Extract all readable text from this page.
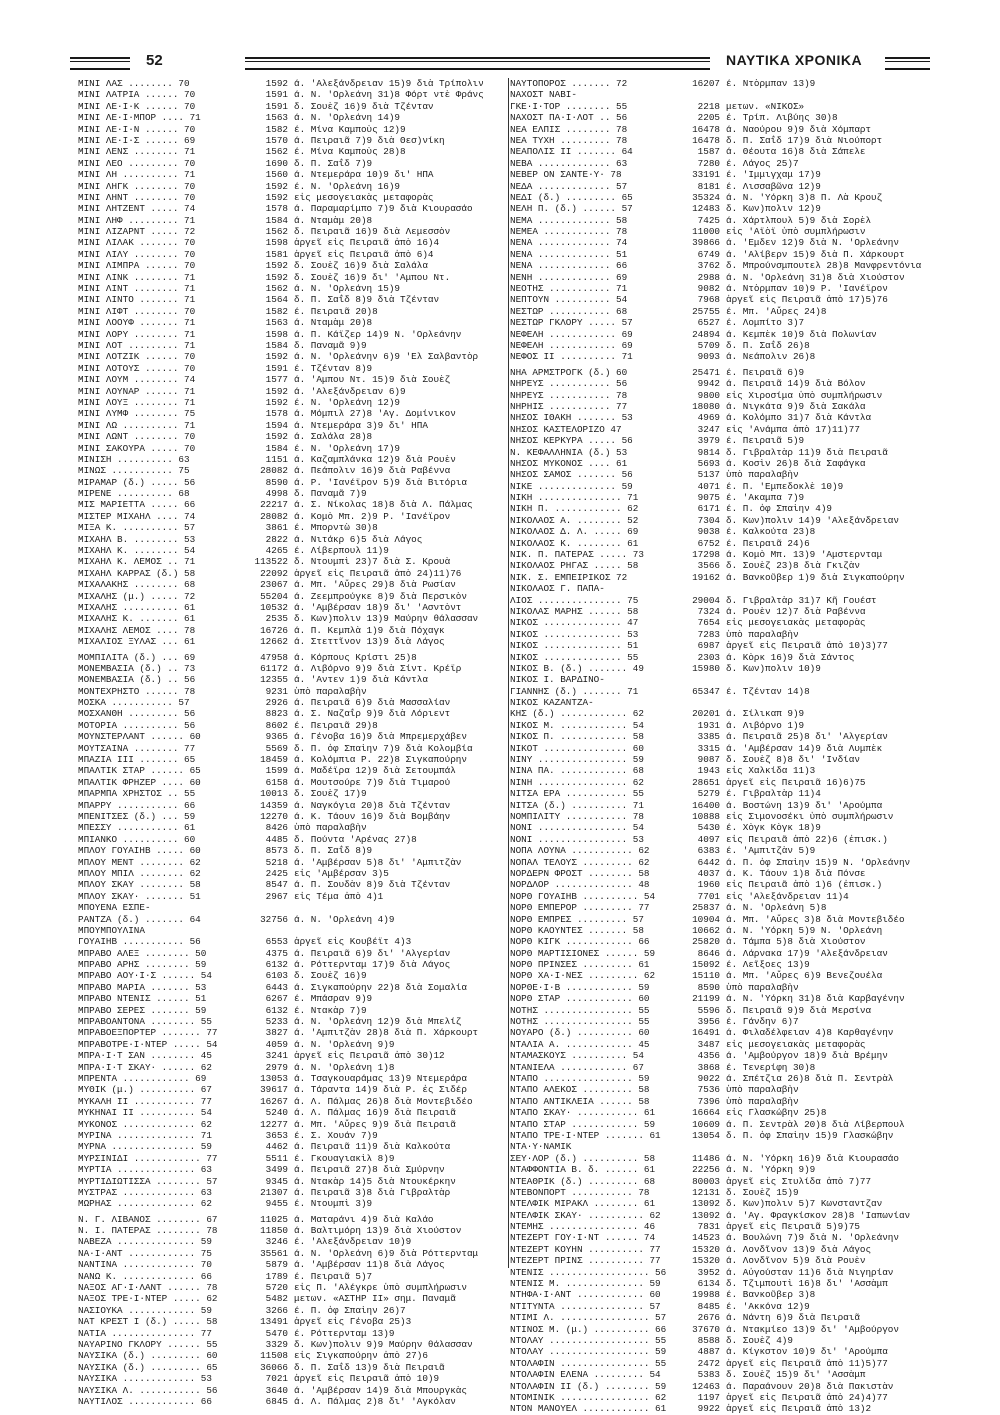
52	ΝΑΥΤΙΚΑ ΧΡΟΝΙΚΑ
ΜΙΝΙ ΛΑΣ ........ 70	1592 ά. 'Αλεξάνδρειαν 15)9 διὰ Τρίπολιν
ΜΙΝΙ ΛΑΤΡΙΑ ...... 70	1591 ά. Ν. 'Ορλεάνη 31)8 Φόρτ ντὲ Φράνς
ΜΙΝΙ ΛΕ·Ι·Κ ...... 70	1591 δ. Σουὲζ 16)9 διὰ Τζένταν
ΜΙΝΙ ΛΕ·Ι·ΜΠΟΡ .... 71	1563 ά. Ν. 'Ορλεάνη 14)9
ΜΙΝΙ ΛΕ·Ι·Ν ...... 70	1582 έ. Μίνα Καμποὺς 12)9
ΜΙΝΙ ΛΕ·Ι·Σ ...... 69	1570 ά. Πειραιᾶ 7)9 διὰ Θεσ)νίκη
ΜΙΝΙ ΛΕΝΣ ........ 71	1562 έ. Μίνα Καμποὺς 28)8
ΜΙΝΙ ΛΕΟ ......... 70	1690 δ. Π. Σαΐδ 7)9
ΜΙΝΙ ΛΗ .......... 71	1560 ά. Ντεμεράρα 10)9 δι' ΗΠΑ
ΜΙΝΙ ΛΗΓΚ ........ 70	1592 έ. Ν. 'Ορλεάνη 16)9
ΜΙΝΙ ΛΗΝΤ ........ 70	1592 εἰς μεσογειακὰς μεταφορὰς
ΜΙΝΙ ΛΗΤΖΕΝΤ ..... 74	1578 ά. Παραμαρίμπο 7)9 διὰ Κιουρασάο
ΜΙΝΙ ΛΗΦ ......... 71	1584 ά. Νταμὰμ 20)8
ΜΙΝΙ ΛΙΖΑΡΝΤ ..... 72	1562 δ. Πειραιᾶ 16)9 διὰ Λεμεσσὸν
ΜΙΝΙ ΛΙΛΑΚ ....... 70	1598 ἀργεῖ εἰς Πειραιᾶ ἀπὸ 16)4
ΜΙΝΙ ΛΙΛΥ ........ 70	1581 ἀργεῖ εἰς Πειραιᾶ ἀπὸ 6)4
ΜΙΝΙ ΛΙΜΠΡΑ ...... 70	1592 δ. Σουὲζ 16)9 διὰ Σαλάλα
ΜΙΝΙ ΛΙΝΚ ........ 71	1592 δ. Σουὲζ 16)9 δι' 'Αμπου Ντ.
ΜΙΝΙ ΛΙΝΤ ........ 71	1562 ά. Ν. 'Ορλεάνη 15)9
ΜΙΝΙ ΛΙΝΤΟ ....... 71	1564 δ. Π. Σαΐδ 8)9 διὰ Τζένταν
ΜΙΝΙ ΛΙΦΤ ........ 70	1582 έ. Πειραιᾶ 20)8
ΜΙΝΙ ΛΟΟΥΦ ....... 71	1563 ά. Νταμὰμ 20)8
ΜΙΝΙ ΛΟΡΥ ........ 71	1598 ά. Π. Κάϊζερ 14)9 Ν. 'Ορλεάνην
ΜΙΝΙ ΛΟΤ ......... 71	1584 δ. Παναμᾶ 9)9
ΜΙΝΙ ΛΟΤΖΙΚ ...... 70	1592 ά. Ν. 'Ορλεάνην 6)9 'Ελ Σαλβαντὸρ
ΜΙΝΙ ΛΟΤΟΥΣ ...... 70	1591 έ. Τζένταν 8)9
ΜΙΝΙ ΛΟΥΜ ........ 74	1577 ά. 'Αμπου Ντ. 15)9 διὰ Σουὲζ
ΜΙΝΙ ΛΟΥΝΑΡ ...... 71	1592 ά. 'Αλεξάνδρειαν 6)9
ΜΙΝΙ ΛΟΥΞ ........ 71	1592 έ. Ν. 'Ορλεάνη 12)9
ΜΙΝΙ ΛΥΜΦ ........ 75	1578 ά. Μόμπιλ 27)8 'Αγ. Δομίνικον
ΜΙΝΙ ΛΩ .......... 71	1594 ά. Ντεμεράρα 3)9 δι' ΗΠΑ
ΜΙΝΙ ΛΩΝΤ ........ 70	1592 ά. Σαλάλα 28)8
ΜΙΝΙ ΣΑΚΟΥΡΑ ..... 70	1584 έ. Ν. 'Ορλεάνη 17)9
ΜΙΝΙΣΗ .......... 63	1151 ά. Καζαμπλάνκα 12)9 διὰ Ρουὲν
ΜΙΝΩΣ ........... 75	28082 ά. Πεάπολιν 16)9 διὰ Ραβέννα
ΜΙΡΑΜΑΡ (δ.) ..... 56	8590 ά. Ρ. 'Ιανέϊρον 5)9 διὰ Βιτόρια
ΜΙΡΕΝΕ .......... 68	4998 δ. Παναμᾶ 7)9
ΜΙΣ ΜΑΡΙΕΤΤΑ ..... 66	22217 ά. Σ. Νίκολας 18)8 διὰ Λ. Πάλμας
ΜΙΣΤΕΡ ΜΙΧΑΗΛ .... 74	28082 ά. Κομὸ Μπ. 2)9 Ρ. 'Ιανέϊρον
ΜΙΞΑ Κ. .......... 57	3861 έ. Μπορντὼ 30)8
ΜΙΧΑΗΛ Β. ........ 53	2822 ά. Νιτάκρ 6)5 διὰ Λάγος
ΜΙΧΑΗΛ Κ. ........ 54	4265 έ. Λίβερπουλ 11)9
ΜΙΧΑΗΛ Κ. ΛΕΜΟΣ .. 71	113522 δ. Ντουμπὶ 23)7 διὰ Σ. Κρουὰ
ΜΙΧΑΗΛ ΚΑΡΡΑΣ (δ.) 58	22092 ἀργεῖ εἰς Πειραιᾶ ἀπὸ 24)11)76
ΜΙΧΑΛΑΚΗΣ ........ 68	23067 ά. Μπ. 'Αὔρες 29)8 διὰ Ρωσίαν
ΜΙΧΑΛΗΣ (μ.) ..... 72	55204 ά. Ζεεμπρούγκε 8)9 διὰ Περσικὸν
ΜΙΧΑΛΗΣ .......... 61	10532 ά. 'Αμβέρσαν 18)9 δι' 'Ασντὸντ
ΜΙΧΑΛΗΣ Κ. ....... 61	2535 δ. Κων)πολιν 13)9 Μαύρην θάλασσαν
ΜΙΧΑΛΗΣ ΛΕΜΟΣ .... 78	16726 ά. Π. Κεμπλὰ 1)9 διὰ Πόχαγκ
ΜΙΧΑΛΙΟΣ ΞΥΛΑΣ ... 61	12662 ά. Στεττῖνον 13)9 διὰ Λάγος
ΜΟΜΠΙΛΙΤΑ (δ.) ... 69	47958 ά. Κόρπους Κρίστι 25)8
ΜΟΝΕΜΒΑΣΙΑ (δ.) .. 73	61172 ά. Λιβόρνο 9)9 διὰ Σίντ. Κρέϊρ
ΜΟΝΕΜΒΑΣΙΑ (δ.) .. 56	12355 ά. 'Αντεν 1)9 διὰ Κάντλα
ΜΟΝΤΕΧΡΗΣΤΟ ...... 78	9231 ὑπὸ παραλαβὴν
ΜΟΣΚΑ ........... 57	2926 ά. Πειραιᾶ 6)9 διὰ Μασσαλίαν
ΜΟΣΧΑΝΘΗ ......... 56	8823 ά. Σ. Ναζαΐρ 9)9 διὰ Λόριεντ
ΜΟΤΟΡΙΑ .......... 56	8602 έ. Πειραιᾶ 29)8
ΜΟΥΝΣΤΕΡΛΑΝΤ ...... 60	9365 ά. Γένοβα 16)9 διὰ Μπρεμερχάβεν
ΜΟΥΤΣΑΙΝΑ ........ 77	5569 δ. Π. ὀφ Σπαὶην 7)9 διὰ Κολομβία
ΜΠΑΖΙΑ ΙΙΙ ....... 65	18459 ά. Κολόμπια Ρ. 22)8 Σιγκαπούρην
ΜΠΑΛΤΙΚ ΣΤΑΡ ...... 65	1599 ά. Μαδέϊρα 12)9 διὰ Σετουμπάλ
ΜΠΑΛΤΙΚ ΦΡΗΖΕΡ .... 60	6158 ά. Μουτσούρε 7)9 διὰ Τιμαρού
ΜΠΑΡΜΠΑ ΧΡΗΣΤΟΣ .. 55	10013 δ. Σουὲζ 17)9
ΜΠΑΡΡΥ ........... 66	14359 ά. Ναγκόγια 20)8 διὰ Τζένταν
ΜΠΕΝΙΤΣΕΣ (δ.) ... 59	12270 ά. Κ. Τάουν 16)9 διὰ Βομβάην
ΜΠΕΣΣΥ ........... 61	8426 ὑπὸ παραλαβὴν
ΜΠΙΑΝΚΟ .......... 60	4485 δ. Πούντα 'Αρένας 27)8
ΜΠΛΟΥ ΓΟΥΑΙΗΒ ..... 60	8573 δ. Π. Σαΐδ 8)9
ΜΠΛΟΥ ΜΕΝΤ ........ 62	5218 ά. 'Αμβέρσαν 5)8 δι' 'Αμπιτζὰν
ΜΠΛΟΥ ΜΠΙΛ ........ 62	2425 εἰς 'Αμβέρσαν 3)5
ΜΠΛΟΥ ΣΚΑΥ ........ 58	8547 ά. Π. Σουδὰν 8)9 διὰ Τζένταν
ΜΠΛΟΥ ΣΚΑΥ· ....... 51	2967 εἰς Τέμα ἀπὸ 4)1
ΜΠΟΥΕΝΑ ΕΣΠΕ-
ΡΑΝΤΖΑ (δ.) ....... 64	32756 ά. Ν. 'Ορλεάνη 4)9
ΜΠΟΥΜΠΟΥΛΙΝΑ
ΓΟΥΑΙΗΒ ........... 56	6553 ἀργεῖ εἰς Κουβέϊτ 4)3
ΜΠΡΑΒΟ ΑΛΕΞ ........ 50	4375 ά. Πειραιᾶ 6)9 δι' 'Αλγερίαν
ΜΠΡΑΒΟ ΑΡΗΣ ........ 59	6132 ά. Ρόττερνταμ 17)9 διὰ Λάγος
ΜΠΡΑΒΟ ΑΟΥ·Ι·Σ ...... 54	6103 δ. Σουὲζ 16)9
ΜΠΡΑΒΟ ΜΑΡΙΑ ....... 53	6443 ά. Σιγκαπούρην 22)8 διὰ Σομαλία
ΜΠΡΑΒΟ ΝΤΕΝΙΣ ...... 51	6267 έ. Μπάσραν 9)9
ΜΠΡΑΒΟ ΣΕΡΕΣ ....... 59	6132 έ. Ντακὰρ 7)9
ΜΠΡΑΒΟΑΝΤΟΝΑ ........ 55	5233 ά. Ν. 'Ορλεάνη 12)9 διὰ Μπελίζ
ΜΠΡΑΒΟΕΞΠΟΡΤΕΡ ....... 77	3827 ά. 'Αμπιτζὰν 28)8 διὰ Π. Χάρκουρτ
ΜΠΡΑΒΟΤΡΕ·Ι·ΝΤΕΡ ..... 54	4059 ά. Ν. 'Ορλεάνη 9)9
ΜΠΡΑ·Ι·Τ ΣΑΝ ........ 45	3241 ἀργεῖ εἰς Πειραιᾶ ἀπὸ 30)12
ΜΠΡΑ·Ι·Τ ΣΚΑΥ· ...... 62	2979 ά. Ν. 'Ορλεάνη 1)8
ΜΠΡΕΝΤΑ ............ 69	13053 ά. Τσαγκουαράμας 13)9 Ντεμεράρα
ΜΥΘΙΚ (μ.) .......... 67	39617 ά. Τάραντα 14)9 διὰ Ρ. ἐς Σιδέρ
ΜΥΚΑΛΗ ΙΙ ........... 77	16267 ά. Λ. Πάλμας 26)8 διὰ Μοντεβιδέο
ΜΥΚΗΝΑΙ ΙΙ .......... 54	5240 ά. Λ. Πάλμας 16)9 διὰ Πειραιᾶ
ΜΥΚΟΝΟΣ ............. 62	12277 ά. Μπ. 'Αὔρες 9)9 διὰ Πειραιᾶ
ΜΥΡΙΝΑ .............. 71	3653 έ. Σ. Χουάν 7)9
ΜΥΡΝΑ ............... 59	4462 ά. Πειραιᾶ 11)9 διὰ Καλκούτα
ΜΥΡΣΙΝΙΔΙ ............ 77	5511 έ. Γκουαγιακὶλ 8)9
ΜΥΡΤΙΑ .............. 63	3499 ά. Πειραιᾶ 27)8 διὰ Σμύρνην
ΜΥΡΤΙΔΙΩΤΙΣΣΑ ........ 57	9345 ά. Ντακὰρ 14)5 διὰ Ντουκέρκην
ΜΥΣΤΡΑΣ ............. 63	21307 ά. Πειραιᾶ 3)8 διὰ Γιβραλτὰρ
ΜΩΡΗΑΣ .............. 62	9455 έ. Ντουμπὶ 3)9
Ν. Γ. ΛΙΒΑΝΟΣ ........ 67	11025 ά. Ματαράνι 4)9 διὰ Καλάο
Ν. Ι. ΠΑΤΕΡΑΣ ........ 78	11850 ά. Βαλτιμόρη 13)9 διὰ Χιούστον
ΝΑΒΕΖΑ .............. 59	3246 έ. 'Αλεξάνδρειαν 10)9
ΝΑ·Ι·ΑΝΤ ............ 75	35561 ά. Ν. 'Ορλεάνη 6)9 διὰ Ρόττερνταμ
ΝΑΝΤΙΝΑ ............. 70	5879 ά. 'Αμβέρσαν 11)8 διὰ Λάγος
ΝΑΝΩ Κ. ............. 66	1789 έ. Πειραιᾶ 5)7
ΝΑΞΟΣ ΑΓ·Ι·ΛΑΝΤ ...... 78	5720 εἰς Π. 'Αλέγκρε ὑπὸ συμπλήρωσιν
ΝΑΞΟΣ ΤΡΕ·Ι·ΝΤΕΡ ..... 62	5482 μετων. «ΑΣΤΗΡ ΙΙ» σημ. Παναμᾶ
ΝΑΣΙΟΥΚΑ ............ 59	3266 έ. Π. ὀφ Σπαὶην 26)7
ΝΑΤ ΚΡΕΣΤ Ι (δ.) ..... 58	13491 ἀργεῖ εἰς Γένοβα 25)3
ΝΑΤΙΑ ............... 77	5470 έ. Ρόττερνταμ 13)9
ΝΑΥΑΡΙΝΟ ΓΚΛΟΡΥ ...... 55	3329 δ. Κων)πολιν 9)9 Μαύρην θάλασσαν
ΝΑΥΣΙΚΑ (δ.) ......... 60	11508 εἰς Σιγκαπούρην ἀπὸ 27)6
ΝΑΥΣΙΚΑ (δ.) ......... 65	36066 δ. Π. Σαΐδ 13)9 διὰ Πειραιᾶ
ΝΑΥΣΙΚΑ ............. 53	7021 ἀργεῖ εἰς Πειραιᾶ ἀπὸ 10)9
ΝΑΥΣΙΚΑ Λ. ........... 56	3640 ά. 'Αμβέρσαν 14)9 διὰ Μπουργκὰς
ΝΑΥΤΙΛΟΣ ............ 66	6845 ά. Λ. Πάλμας 2)8 δι' 'Αγκόλαν
ΝΑΥΤΟΠΟΡΟΣ ....... 72	16207 έ. Ντὸρμπαν 13)9
ΝΑΧΟΣΤ ΝΑΒΙ-
ΓΚΕ·Ι·ΤΟΡ ........ 55	2218 μετων. «ΝΙΚΟΣ»
ΝΑΧΟΣΤ ΠΑ·Ι·ΛΟΤ .. 56	2205 έ. Τρίπ. Λιβύης 30)8
ΝΕΑ ΕΛΠΙΣ ........ 78	16478 ά. Ναούρου 9)9 διὰ Χόμπαρτ
ΝΕΑ ΤΥΧΗ ......... 78	16478 δ. Π. Σαΐδ 17)9 διὰ Νιούπορτ
ΝΕΑΠΟΛΙΣ ΙΙ ....... 64	1587 ά. Θέουτα 16)8 διὰ Σάπελε
ΝΕΒΑ ............. 63	7280 έ. Λάγος 25)7
ΝΕΒΕΡ ΟΝ ΣΑΝΤΕ·Υ· 78	33191 έ. 'Ιμμιγχαμ 17)9
ΝΕΔΑ ............. 57	8181 έ. Λισσαβῶνα 12)9
ΝΕΔΙ (δ.) ......... 65	35324 ά. Ν. 'Υόρκη 3)8 Π. Λὰ Κρουζ
ΝΕΛΗ Π. (δ.) ...... 57	12483 δ. Κων)πολιν 12)9
ΝΕΜΑ ............. 58	7425 ά. Χάρτλπουλ 5)9 διὰ Σορὲλ
ΝΕΜΕΑ ............ 78	11000 εἰς 'Αϊὸϊ ὑπὸ συμπλήρωσιν
ΝΕΝΑ ............. 74	39866 ά. 'Εμδεν 12)9 διὰ Ν. 'Ορλεάνην
ΝΕΝΑ ............. 51	6749 ά. 'Αλίβερν 15)9 διὰ Π. Χάρκουρτ
ΝΕΝΑ ............. 66	3762 δ. Μπρούνσμπουτελ 28)8 Μανφρεντόνια
ΝΕΝΗ ............. 69	2988 ά. Ν. 'Ορλεάνη 31)8 διὰ Χιούστον
ΝΕΟΤΗΣ ........... 71	9082 ά. Ντὸρμπαν 10)9 Ρ. 'Ιανέϊρον
ΝΕΠΤΟΥΝ .......... 54	7968 ἀργεῖ εἰς Πειραιᾶ ἀπὸ 17)5)76
ΝΕΣΤΩΡ ........... 68	25755 έ. Μπ. 'Αὔρες 24)8
ΝΕΣΤΩΡ ΓΚΛΟΡΥ ..... 57	6527 έ. Λομπίτο 3)7
ΝΕΦΕΛΗ ............ 69	24894 ά. Κεμπὲκ 10)9 διὰ Πολωνίαν
ΝΕΦΕΛΗ ............ 69	5709 δ. Π. Σαΐδ 26)8
ΝΕΦΟΣ ΙΙ .......... 71	9093 ά. Νεάπολιν 26)8
ΝΗΑ ΑΡΜΣΤΡΟΓΚ (δ.) 60	25471 έ. Πειραιᾶ 6)9
ΝΗΡΕΥΣ ........... 56	9942 ά. Πειραιᾶ 14)9 διὰ Βόλον
ΝΗΡΕΥΣ ........... 78	9800 εἰς Χιροσίμα ὑπὸ συμπλήρωσιν
ΝΗΡΗΙΣ ........... 77	18080 ά. Νιγκάτα 9)9 διὰ Σακάλα
ΝΗΣΟΣ ΙΘΑΚΗ ....... 53	4969 ά. Κολόμπο 31)7 διὰ Κάντλα
ΝΗΣΟΣ ΚΑΣΤΕΛΟΡΙΖΟ 47	3247 εἰς 'Ανάμπα ἀπὸ 17)11)77
ΝΗΣΟΣ ΚΕΡΚΥΡΑ ..... 56	3979 έ. Πειραιᾶ 5)9
Ν. ΚΕΦΑΛΛΗΝΙΑ (δ.) 53	9814 δ. Γιβραλτὰρ 11)9 διὰ Πειραιᾶ
ΝΗΣΟΣ ΜΥΚΟΝΟΣ .... 61	5693 ά. Κοσὶν 26)8 διὰ Σαφάγκα
ΝΗΣΟΣ ΣΑΜΟΣ ....... 56	5137 ὑπὸ παραλαβὴν
ΝΙΚΕ .............. 59	4071 έ. Π. 'Εμπεδοκλὲ 10)9
ΝΙΚΗ ............... 71	9075 έ. 'Ακαμπα 7)9
ΝΙΚΗ Π. ............ 62	6171 έ. Π. ὀφ Σπαὶην 4)9
ΝΙΚΟΛΑΟΣ Α. ........ 52	7304 δ. Κων)πολιν 14)9 'Αλεξάνδρειαν
ΝΙΚΟΛΑΟΣ Δ. Λ. ..... 69	9038 έ. Καλκούτα 23)8
ΝΙΚΟΛΑΟΣ Κ. ........ 61	6752 έ. Πειραιᾶ 24)6
ΝΙΚ. Π. ΠΑΤΕΡΑΣ ..... 73	17298 ά. Κομὸ Μπ. 13)9 'Αμστερνταμ
ΝΙΚΟΛΑΟΣ ΡΗΓΑΣ ..... 58	3566 δ. Σουὲζ 23)8 διὰ Γκιζὰν
ΝΙΚ. Σ. ΕΜΠΕΙΡΙΚΟΣ 72	19162 ά. Βανκοῦβερ 1)9 διὰ Σιγκαπούρην
ΝΙΚΟΛΑΟΣ Γ. ΠΑΠΑ-
ΛΙΟΣ ............... 75	29004 δ. Γιβραλτὰρ 31)7 Κῆ Γουέστ
ΝΙΚΟΛΑΣ ΜΑΡΗΣ ...... 58	7324 ά. Ρουὲν 12)7 διὰ Ραβέννα
ΝΙΚΟΣ .............. 47	7654 εἰς μεσογειακὰς μεταφορὰς
ΝΙΚΟΣ .............. 53	7283 ὑπὸ παραλαβὴν
ΝΙΚΟΣ .............. 51	6987 ἀργεῖ εἰς Πειραιᾶ ἀπὸ 10)3)77
ΝΙΚΟΣ .............. 55	2303 ά. Κὸρκ 16)9 διὰ Σάντος
ΝΙΚΟΣ Β. (δ.) ....... 49	15980 δ. Κων)πολιν 10)9
ΝΙΚΟΣ Ι. ΒΑΡΔΙΝΟ-
ΓΙΑΝΝΗΣ (δ.) ....... 71	65347 έ. Τζένταν 14)8
ΝΙΚΟΣ ΚΑΖΑΝΤΖΑ-
ΚΗΣ (δ.) ............ 62	20201 ά. Σίλικαπ 9)9
ΝΙΚΟΣ Μ. ............ 54	1931 ά. Λιβόρνο 1)9
ΝΙΚΟΣ Π. ............ 58	3385 ά. Πειραιᾶ 25)8 δι' 'Αλγερίαν
ΝΙΚΟΤ ............... 60	3315 ά. 'Αμβέρσαν 14)9 διὰ Λυμπὲκ
ΝΙΝΥ ................ 59	9087 δ. Σουὲζ 8)8 δι' 'Ινδίαν
ΝΙΝΑ ΠΑ. ............ 68	1943 εἰς Χαλκίδα 11)3
ΝΙΝΗ ................ 62	28651 ἀργεῖ εἰς Πειραιᾶ 16)6)75
ΝΙΤΣΑ ΕΡΑ ........... 55	5279 έ. Γιβραλτὰρ 11)4
ΝΙΤΣΑ (δ.) .......... 71	16400 ά. Βοστώνη 13)9 δι' 'Αρούμπα
ΝΟΜΠΙΛΙΤΥ ........... 78	10888 εἰς Σιμονοσέκι ὑπὸ συμπλήρωσιν
ΝΟΝΙ ................ 54	5430 έ. Χὸγκ Κὸγκ 18)9
ΝΟΝΙ ................ 53	4097 εἰς Πειραιᾶ ἀπὸ 22)6 (ἐπισκ.)
ΝΟΠΑ ΛΟΥΝΑ ........... 62	6383 έ. 'Αμπιτζὰν 5)9
ΝΟΠΑΛ ΤΕΛΟΥΣ ......... 62	6442 ά. Π. ὀφ Σπαὶην 15)9 Ν. 'Ορλεάνην
ΝΟΡΔΕΡΝ ΦΡΟΣΤ ........ 58	4037 ά. Κ. Τάουν 1)8 διὰ Πόνσε
ΝΟΡΔΛΟΡ .............. 48	1960 εἰς Πειραιᾶ ἀπὸ 1)6 (ἐπισκ.)
ΝΟΡΘ ΓΟΥΑΙΗΒ .......... 54	7701 εἰς 'Αλεξάνδρειαν 11)4
ΝΟΡΘ ΕΜΠΕΡΟΡ ......... 77	25837 ά. Ν. 'Ορλεάνη 5)8
ΝΟΡΘ ΕΜΠΡΕΣ ......... 57	10904 ά. Μπ. 'Αὔρες 3)8 διὰ Μοντεβιδέο
ΝΟΡΘ ΚΑΟΥΝΤΕΣ ....... 58	10662 ά. Ν. 'Υόρκη 5)9 Ν. 'Ορλεάνη
ΝΟΡΘ ΚΙΓΚ ............ 66	25820 ά. Τάμπα 5)8 διὰ Χιούστον
ΝΟΡΘ ΜΑΡΤΙΣΙΟΝΕΣ ...... 59	8646 ά. Λάρνακα 17)9 'Αλεξάνδρειαν
ΝΟΡΘ ΠΡΙΝΣΕΣ ......... 61	15092 έ. Λεῖξοες 13)9
ΝΟΡΘ ΧΑ·Ι·ΝΕΣ ......... 62	15110 ά. Μπ. 'Αὔρες 6)9 Βενεζουέλα
ΝΟΡΘΕ·Ι·Β ............ 59	8590 ὑπὸ παραλαβὴν
ΝΟΡΘ ΣΤΑΡ ............ 60	21199 ά. Ν. 'Υόρκη 31)8 διὰ Καρβαγένην
ΝΟΤΗΣ ................ 55	5596 δ. Πειραιᾶ 9)9 διὰ Μερσίνα
ΝΟΤΗΣ ................ 55	3956 έ. Γάνδην 6)7
ΝΟΥΑΡΟ (δ.) .......... 60	16491 ά. Φιλαδέλφειαν 4)8 Καρθαγένην
ΝΤΑΛΙΑ Α. ............ 45	3487 εἰς μεσογειακὰς μεταφορὰς
ΝΤΑΜΑΣΚΟΥΣ .......... 54	4356 ά. 'Αμβούργον 18)9 διὰ Βρέμην
ΝΤΑΝΙΕΛΑ ............ 67	3868 έ. Τενερίφη 30)8
ΝΤΑΠΟ ................ 59	9022 ά. Σπέτζια 26)8 διὰ Π. Σεντρὰλ
ΝΤΑΠΟ ΑΛΕΚΟΣ ......... 58	7536 ὑπὸ παραλαβὴν
ΝΤΑΠΟ ΑΝΤΙΚΛΕΙΑ ...... 58	7396 ὑπὸ παραλαβὴν
ΝΤΑΠΟ ΣΚΑΥ· ........... 61	16664 εἰς Γλασκώβην 25)8
ΝΤΑΠΟ ΣΤΑΡ ............ 59	10609 ά. Π. Σεντρὰλ 20)8 διὰ Λίβερπουλ
ΝΤΑΠΟ ΤΡΕ·Ι·ΝΤΕΡ ....... 61	13054 δ. Π. ὀφ Σπαὶην 15)9 Γλασκώβην
ΝΤΑ·Υ·ΝΑΜΙΚ
ΣΕΥ·ΛΟΡ (δ.) .......... 58	11486 ά. Ν. 'Υόρκη 16)9 διὰ Κιουρασάο
ΝΤΑΦΦΟΝΤΙΑ Β. δ. ...... 61	22256 ά. Ν. 'Υόρκη 9)9
ΝΤΕΑΘΡΙΚ (δ.) ......... 68	80003 ἀργεῖ εἰς Στυλίδα ἀπὸ 7)77
ΝΤΕΒΟΝΠΟΡΤ ........... 78	12131 δ. Σουὲζ 15)9
ΝΤΕΛΦΙΚ ΜΙΡΑΚΛ ........ 61	13092 δ. Κων)πολιν 5)7 Κωνσταντζαν
ΝΤΕΛΦΙΚ ΣΚΑΥ· .......... 62	13092 ά. 'Αγ. Φραγκίσκον 28)8 'Ιαπωνίαν
ΝΤΕΜΗΣ ................ 46	7831 ἀργεῖ εἰς Πειραιᾶ 5)9)75
ΝΤΕΖΕΡΤ ΓΟΥ·Ι·ΝΤ ...... 74	14523 ά. Βουλώνη 7)9 διὰ Ν. 'Ορλεάνην
ΝΤΕΖΕΡΤ ΚΟΥΗΝ .......... 77	15320 ά. Λονδῖνον 13)9 διὰ Λάγος
ΝΤΕΖΕΡΤ ΠΡΙΝΣ .......... 77	15320 ά. Λονδῖνον 5)9 διὰ Ρουὲν
ΝΤΕΝΙΣ .................. 56	3952 ά. Αὐγούσταν 11)6 διὰ Νιγηρίαν
ΝΤΕΝΙΣ Μ. .............. 59	6134 δ. Τζιμπουτὶ 16)8 δι' 'Ασσὰμπ
ΝΤΗΦΑ·Ι·ΑΝΤ ............ 60	19988 έ. Βανκοῦβερ 3)8
ΝΤΙΤΥΝΤΑ ............... 57	8485 έ. 'Ακκόνα 12)9
ΝΤΙΜΙ Λ. ................ 57	2676 ά. Νάντη 6)9 διὰ Πειραιᾶ
ΝΤΙΝΟΣ Μ. (μ.) .......... 66	37670 ά. Ντακμίεο 13)9 δι' 'Αμβούργον
ΝΤΟΛΑΥ .................. 55	8588 δ. Σουὲζ 4)9
ΝΤΟΛΑΥ .................. 59	4887 ά. Κίγκστον 10)9 δι' 'Αρούμπα
ΝΤΟΛΑΦΙΝ ................ 55	2472 ἀργεῖ εἰς Πειραιᾶ ἀπὸ 11)5)77
ΝΤΟΛΑΦΙΝ ΕΛΕΝΑ ......... 54	5383 δ. Σουὲζ 15)9 δι' 'Ασσὰμπ
ΝΤΟΛΑΦΙΝ ΙΙ (δ.) ........ 59	12463 ά. Παραάνουν 20)8 διὰ Πακιστὰν
ΝΤΟΜΙΝΙΚ ................ 62	1197 ἀργεῖ εἰς Πειραιᾶ ἀπὸ 24)4)77
ΝΤΟΝ ΜΑΝΟΥΕΛ ............ 61	9922 ἀργεῖ εἰς Πειραιᾶ ἀπὸ 13)2
